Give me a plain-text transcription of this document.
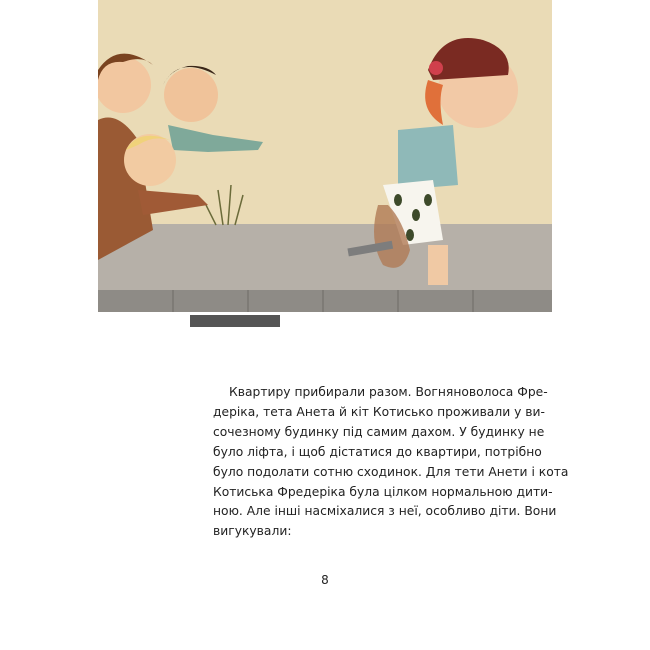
Квартиру прибирали разом. Вогняноволоса Фре-
деріка, тета Анета й кіт Котисько проживали у ви-
сочезному будинку під самим дахом. У будинку не
було ліфта, і щоб дістатися до квартири, потрібно
було подолати сотню сходинок. Для тети Анети і кота
Котиська Фредеріка була цілком нормальною дити-
ною. Але інші насміхалися з неї, особливо діти. Вони
вигукували:
8
